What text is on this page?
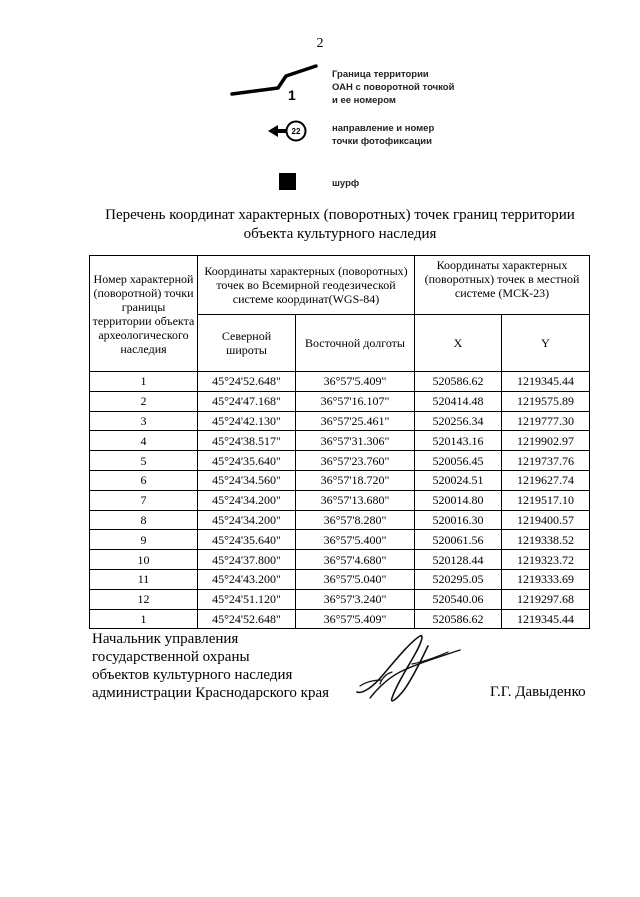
2
1
Граница территории
ОАН с поворотной точкой
и ее номером
22	направление и номер
точки фотофиксации
шурф
Перечень координат характерных (поворотных) точек границ территории
объекта культурного наследия
Номер характерной (поворотной) точки границы территории объекта археологического наследия	Координаты характерных (поворотных) точек во Всемирной геодезической системе координат(WGS-84)		Координаты характерных (поворотных) точек в местной системе (МСК-23)	
	Северной широты	Восточной долготы	X	Y
1	45°24'52.648"	36°57'5.409"	520586.62	1219345.44
2	45°24'47.168"	36°57'16.107"	520414.48	1219575.89
3	45°24'42.130"	36°57'25.461"	520256.34	1219777.30
4	45°24'38.517"	36°57'31.306"	520143.16	1219902.97
5	45°24'35.640"	36°57'23.760"	520056.45	1219737.76
6	45°24'34.560"	36°57'18.720"	520024.51	1219627.74
7	45°24'34.200"	36°57'13.680"	520014.80	1219517.10
8	45°24'34.200"	36°57'8.280"	520016.30	1219400.57
9	45°24'35.640"	36°57'5.400"	520061.56	1219338.52
10	45°24'37.800"	36°57'4.680"	520128.44	1219323.72
11	45°24'43.200"	36°57'5.040"	520295.05	1219333.69
12	45°24'51.120"	36°57'3.240"	520540.06	1219297.68
1	45°24'52.648"	36°57'5.409"	520586.62	1219345.44
Начальник управления
государственной охраны
объектов культурного наследия
администрации Краснодарского края	Г.Г. Давыденко
